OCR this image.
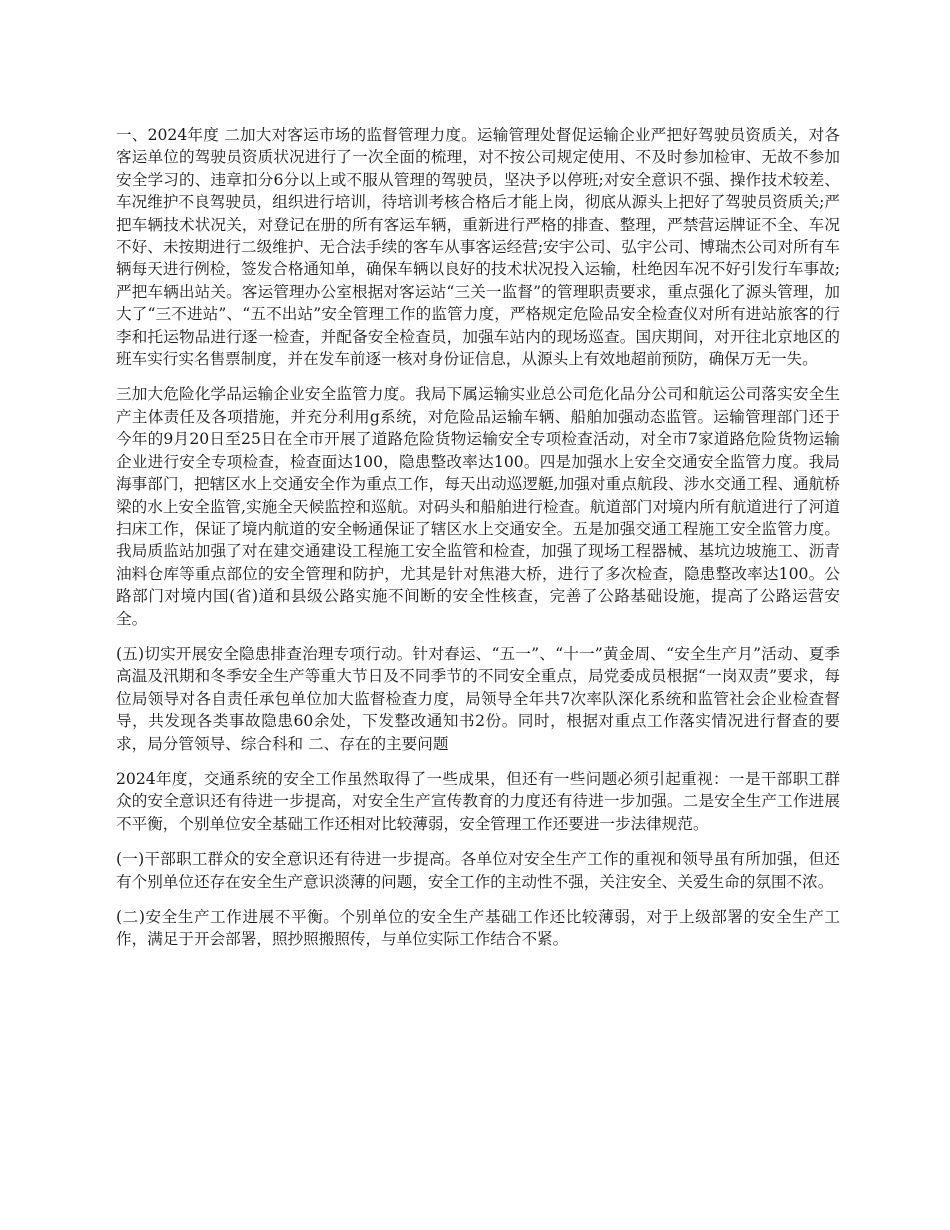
一、2024年度 二加大对客运市场的监督管理力度。运输管理处督促运输企业严把好驾驶员资质关，对各客运单位的驾驶员资质状况进行了一次全面的梳理，对不按公司规定使用、不及时参加检审、无故不参加安全学习的、违章扣分6分以上或不服从管理的驾驶员，坚决予以停班;对安全意识不强、操作技术较差、车况维护不良驾驶员，组织进行培训，待培训考核合格后才能上岗，彻底从源头上把好了驾驶员资质关;严把车辆技术状况关，对登记在册的所有客运车辆，重新进行严格的排查、整理，严禁营运牌证不全、车况不好、未按期进行二级维护、无合法手续的客车从事客运经营;安宇公司、弘宇公司、博瑞杰公司对所有车辆每天进行例检，签发合格通知单，确保车辆以良好的技术状况投入运输，杜绝因车况不好引发行车事故;严把车辆出站关。客运管理办公室根据对客运站“三关一监督”的管理职责要求，重点强化了源头管理，加大了“三不进站”、“五不出站”安全管理工作的监管力度，严格规定危险品安全检查仪对所有进站旅客的行李和托运物品进行逐一检查，并配备安全检查员，加强车站内的现场巡查。国庆期间，对开往北京地区的班车实行实名售票制度，并在发车前逐一核对身份证信息，从源头上有效地超前预防，确保万无一失。

三加大危险化学品运输企业安全监管力度。我局下属运输实业总公司危化品分公司和航运公司落实安全生产主体责任及各项措施，并充分利用g系统，对危险品运输车辆、船舶加强动态监管。运输管理部门还于今年的9月20日至25日在全市开展了道路危险货物运输安全专项检查活动，对全市7家道路危险货物运输企业进行安全专项检查，检查面达100，隐患整改率达100。四是加强水上安全交通安全监管力度。我局海事部门，把辖区水上交通安全作为重点工作，每天出动巡逻艇,加强对重点航段、涉水交通工程、通航桥梁的水上安全监管,实施全天候监控和巡航。对码头和船舶进行检查。航道部门对境内所有航道进行了河道扫床工作，保证了境内航道的安全畅通保证了辖区水上交通安全。五是加强交通工程施工安全监管力度。我局质监站加强了对在建交通建设工程施工安全监管和检查，加强了现场工程器械、基坑边坡施工、沥青油料仓库等重点部位的安全管理和防护，尤其是针对焦港大桥，进行了多次检查，隐患整改率达100。公路部门对境内国(省)道和县级公路实施不间断的安全性核查，完善了公路基础设施，提高了公路运营安全。

(五)切实开展安全隐患排查治理专项行动。针对春运、“五一”、“十一”黄金周、“安全生产月”活动、夏季高温及汛期和冬季安全生产等重大节日及不同季节的不同安全重点，局党委成员根据“一岗双责”要求，每位局领导对各自责任承包单位加大监督检查力度，局领导全年共7次率队深化系统和监管社会企业检查督导，共发现各类事故隐患60余处，下发整改通知书2份。同时，根据对重点工作落实情况进行督查的要求，局分管领导、综合科和 二、存在的主要问题

2024年度，交通系统的安全工作虽然取得了一些成果，但还有一些问题必须引起重视：一是干部职工群众的安全意识还有待进一步提高，对安全生产宣传教育的力度还有待进一步加强。二是安全生产工作进展不平衡，个别单位安全基础工作还相对比较薄弱，安全管理工作还要进一步法律规范。

(一)干部职工群众的安全意识还有待进一步提高。各单位对安全生产工作的重视和领导虽有所加强，但还有个别单位还存在安全生产意识淡薄的问题，安全工作的主动性不强，关注安全、关爱生命的氛围不浓。

(二)安全生产工作进展不平衡。个别单位的安全生产基础工作还比较薄弱，对于上级部署的安全生产工作，满足于开会部署，照抄照搬照传，与单位实际工作结合不紧。
